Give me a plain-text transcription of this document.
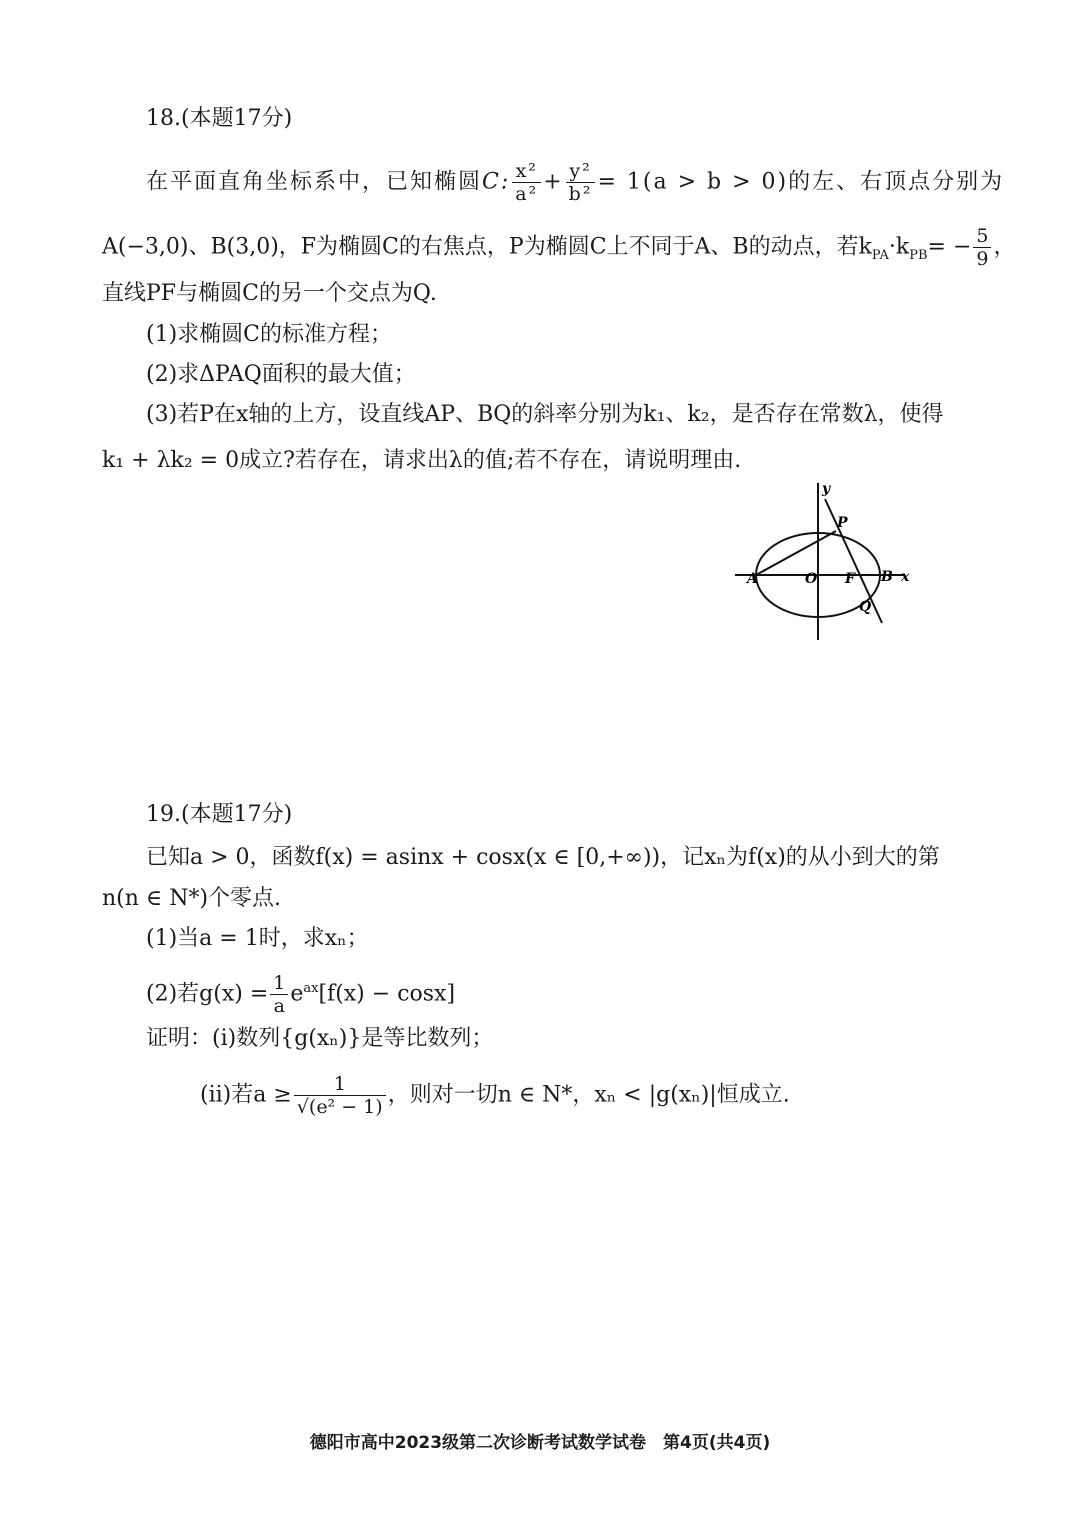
18.(本题17分)
在平面直角坐标系中，已知椭圆C: $\frac{\text{x²}}{\text{a²}} + \frac{\text{y²}}{\text{b²}} = 1(a > b > 0)$的左、右顶点分别为
A(−3,0)、B(3,0)，F为椭圆C的右焦点，P为椭圆C上不同于A、B的动点，若$k_{PA}\cdot k_{PB}= - \frac{5}{9}$ ，
直线PF与椭圆C的另一个交点为Q.
(1)求椭圆C的标准方程；
(2)求ΔPAQ面积的最大值；
(3)若P在x轴的上方，设直线AP、BQ的斜率分别为k₁、k₂，是否存在常数λ，使得
k₁ + λk₂ = 0成立?若存在，请求出λ的值;若不存在，请说明理由.
y
P
A	O F B x
Q
19.(本题17分)
已知a > 0，函数f(x) = asinx + cosx(x ∈ [0,+∞))，记xₙ为f(x)的从小到大的第
n(n ∈ N*)个零点.
(1)当a = 1时，求xₙ；
(2)若$g(x) = \frac{1}{a} e^{ax}[f(x) - \cos x]$
证明：(ⅰ)数列{g(xₙ)}是等比数列；
(ⅱ)若$a \ge \frac{1}{\text{√(e² − 1)}}$ ，则对一切n ∈ N*，xₙ < |g(xₙ)|恒成立.
德阳市高中2023级第二次诊断考试数学试卷　第4页(共4页)
